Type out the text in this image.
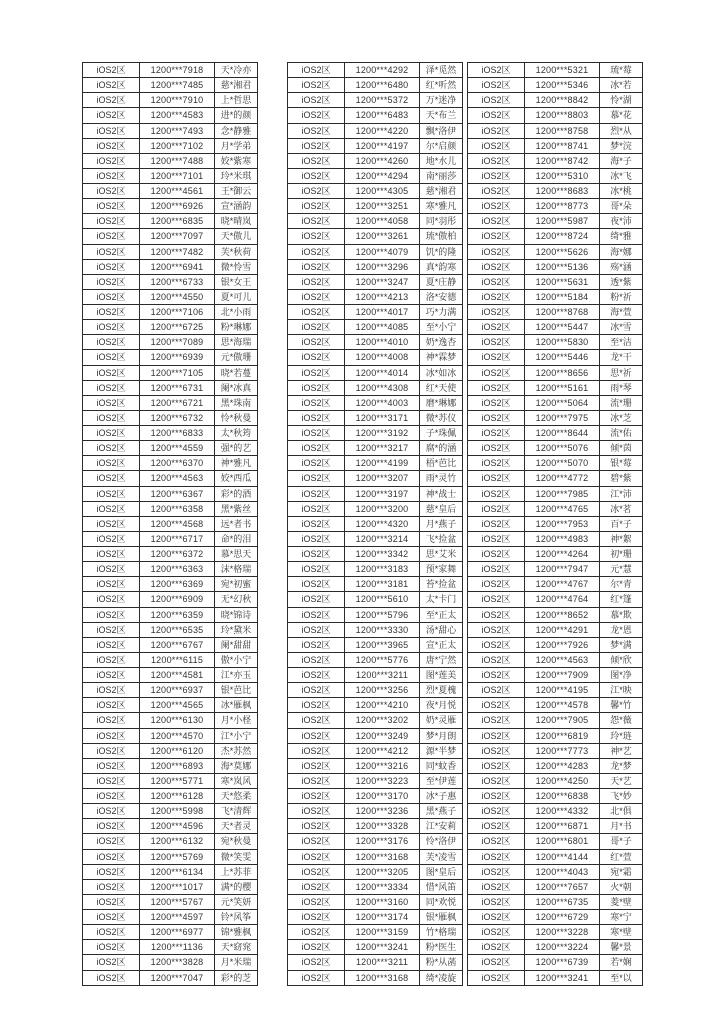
iOS2区	1200***7918	天*冷亦
iOS2区	1200***7485	慈*湘君
iOS2区	1200***7910	上*哲思
iOS2区	1200***4583	进*的颜
iOS2区	1200***7493	念*静雅
iOS2区	1200***7102	月*学弟
iOS2区	1200***7488	姣*紫寒
iOS2区	1200***7101	玲*米琪
iOS2区	1200***4561	王*御云
iOS2区	1200***6926	宣*涵韵
iOS2区	1200***6835	晓*晴岚
iOS2区	1200***7097	天*傲儿
iOS2区	1200***7482	芙*秋荷
iOS2区	1200***6941	微*怜雪
iOS2区	1200***6733	银*女王
iOS2区	1200***4550	夏*可儿
iOS2区	1200***7106	北*小雨
iOS2区	1200***6725	粉*琳娜
iOS2区	1200***7089	思*海瑞
iOS2区	1200***6939	元*傲珊
iOS2区	1200***7105	晓*若蔓
iOS2区	1200***6731	阑*冰真
iOS2区	1200***6721	黑*珠南
iOS2区	1200***6732	怜*秋曼
iOS2区	1200***6833	太*秋筠
iOS2区	1200***4559	强*的艺
iOS2区	1200***6370	神*雅凡
iOS2区	1200***4563	姣*西瓜
iOS2区	1200***6367	彩*的酒
iOS2区	1200***6358	黑*紫丝
iOS2区	1200***4568	远*者书
iOS2区	1200***6717	命*的泪
iOS2区	1200***6372	慕*思天
iOS2区	1200***6363	沫*格瑞
iOS2区	1200***6369	宛*初蜜
iOS2区	1200***6909	无*幻秋
iOS2区	1200***6359	晓*锦诗
iOS2区	1200***6535	玲*黛米
iOS2区	1200***6767	阑*甜甜
iOS2区	1200***6115	傲*小宁
iOS2区	1200***4581	江*亦玉
iOS2区	1200***6937	银*芭比
iOS2区	1200***4565	冰*雁枫
iOS2区	1200***6130	月*小柽
iOS2区	1200***4570	江*小宁
iOS2区	1200***6120	杰*苏然
iOS2区	1200***6893	海*莫娜
iOS2区	1200***5771	寒*岚风
iOS2区	1200***6128	天*悠柔
iOS2区	1200***5998	飞*清辉
iOS2区	1200***4596	天*者灵
iOS2区	1200***6132	宛*秋曼
iOS2区	1200***5769	微*笑雯
iOS2区	1200***6134	上*苏菲
iOS2区	1200***1017	满*的樱
iOS2区	1200***5767	元*笑妍
iOS2区	1200***4597	铃*风筝
iOS2区	1200***6977	锦*雅枫
iOS2区	1200***1136	天*窈窕
iOS2区	1200***3828	月*米瑞
iOS2区	1200***7047	彩*的芝
iOS2区	1200***4292	泽*觅然
iOS2区	1200***6480	红*听然
iOS2区	1200***5372	万*迷净
iOS2区	1200***6483	天*布兰
iOS2区	1200***4220	飘*洛伊
iOS2区	1200***4197	尔*启颜
iOS2区	1200***4260	地*水儿
iOS2区	1200***4294	南*丽莎
iOS2区	1200***4305	慈*湘君
iOS2区	1200***3251	寒*雅凡
iOS2区	1200***4058	同*羽彤
iOS2区	1200***3261	琉*傲柏
iOS2区	1200***4079	饥*的隆
iOS2区	1200***3296	真*韵寒
iOS2区	1200***3247	夏*庄静
iOS2区	1200***4213	洛*安德
iOS2区	1200***4017	巧*力满
iOS2区	1200***4085	至*小宁
iOS2区	1200***4010	奶*逸杏
iOS2区	1200***4008	神*霖梦
iOS2区	1200***4014	冰*如冰
iOS2区	1200***4308	红*天使
iOS2区	1200***4003	磨*琳娜
iOS2区	1200***3171	微*苏仪
iOS2区	1200***3192	子*珠佩
iOS2区	1200***3217	腐*的涵
iOS2区	1200***4199	梧*芭比
iOS2区	1200***3207	雨*灵竹
iOS2区	1200***3197	神*战士
iOS2区	1200***3200	慈*皇后
iOS2区	1200***4320	月*燕子
iOS2区	1200***3214	飞*捡盆
iOS2区	1200***3342	思*艾米
iOS2区	1200***3183	预*家舞
iOS2区	1200***3181	苔*捡盆
iOS2区	1200***5610	太*卡门
iOS2区	1200***5796	至*正太
iOS2区	1200***3330	汤*甜心
iOS2区	1200***3965	宣*正太
iOS2区	1200***5776	唐*宁然
iOS2区	1200***3211	图*莲美
iOS2区	1200***3256	烈*夏槐
iOS2区	1200***4210	夜*月悦
iOS2区	1200***3202	奶*灵雁
iOS2区	1200***3249	梦*月朗
iOS2区	1200***4212	源*半梦
iOS2区	1200***3216	同*蚊香
iOS2区	1200***3223	至*伊莲
iOS2区	1200***3170	冰*子惠
iOS2区	1200***3236	黑*燕子
iOS2区	1200***3328	江*安莉
iOS2区	1200***3176	怜*洛伊
iOS2区	1200***3168	芙*凌雪
iOS2区	1200***3205	图*皇后
iOS2区	1200***3334	惜*风笛
iOS2区	1200***3160	同*欢悦
iOS2区	1200***3174	银*雁枫
iOS2区	1200***3159	竹*格瑞
iOS2区	1200***3241	粉*医生
iOS2区	1200***3211	粉*从菡
iOS2区	1200***3168	绮*凌旋
iOS2区	1200***5321	琉*莓
iOS2区	1200***5346	冰*若
iOS2区	1200***8842	怜*湖
iOS2区	1200***8803	慕*花
iOS2区	1200***8758	烈*从
iOS2区	1200***8741	梦*浣
iOS2区	1200***8742	海*子
iOS2区	1200***5310	冰*飞
iOS2区	1200***8683	冰*桃
iOS2区	1200***8773	哥*朵
iOS2区	1200***5987	夜*沛
iOS2区	1200***8724	绮*雅
iOS2区	1200***5626	海*娜
iOS2区	1200***5136	殇*涵
iOS2区	1200***5631	透*紫
iOS2区	1200***5184	粉*祈
iOS2区	1200***8768	海*萱
iOS2区	1200***5447	冰*雪
iOS2区	1200***5830	至*洁
iOS2区	1200***5446	龙*干
iOS2区	1200***8656	思*祈
iOS2区	1200***5161	雨*琴
iOS2区	1200***5064	流*珊
iOS2区	1200***7975	冰*芝
iOS2区	1200***8644	流*佑
iOS2区	1200***5076	倾*茵
iOS2区	1200***5070	银*莓
iOS2区	1200***4772	碧*紫
iOS2区	1200***7985	江*沛
iOS2区	1200***4765	冰*茗
iOS2区	1200***7953	百*子
iOS2区	1200***4983	神*絮
iOS2区	1200***4264	初*珊
iOS2区	1200***7947	元*慧
iOS2区	1200***4767	尔*青
iOS2区	1200***4764	红*篷
iOS2区	1200***8652	慕*欺
iOS2区	1200***4291	龙*恩
iOS2区	1200***7926	梦*满
iOS2区	1200***4563	倾*欣
iOS2区	1200***7909	图*净
iOS2区	1200***4195	江*映
iOS2区	1200***4578	馨*竹
iOS2区	1200***7905	怨*薇
iOS2区	1200***6819	玲*琏
iOS2区	1200***7773	神*艺
iOS2区	1200***4283	龙*梦
iOS2区	1200***4250	天*艺
iOS2区	1200***6838	飞*妙
iOS2区	1200***4332	北*俱
iOS2区	1200***6871	月*书
iOS2区	1200***6801	哥*子
iOS2区	1200***4144	红*萱
iOS2区	1200***4043	宛*霜
iOS2区	1200***7657	火*朝
iOS2区	1200***6735	菱*壁
iOS2区	1200***6729	寒*宁
iOS2区	1200***3228	寒*壁
iOS2区	1200***3224	馨*景
iOS2区	1200***6739	若*娴
iOS2区	1200***3241	至*以
